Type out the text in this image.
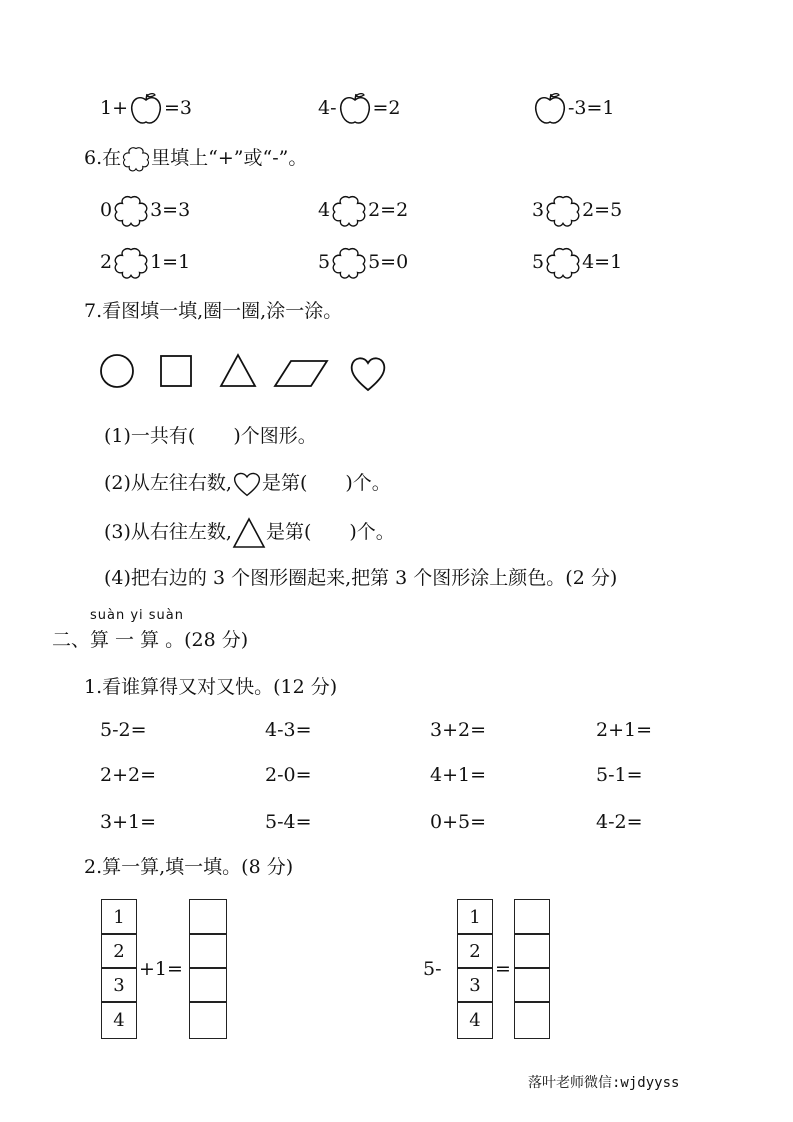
1+ =3	4- =2	-3=1
6.在 里填上“+”或“-”。
0 3=3	4 2=2	3 2=5
2 1=1	5 5=0	5 4=1
7.看图填一填,圈一圈,涂一涂。
(1)一共有(　　)个图形。
(2)从左往右数, 是第(　　)个。
(3)从右往左数, 是第(　　)个。
(4)把右边的 3 个图形圈起来,把第 3 个图形涂上颜色。(2 分)
suàn yi suàn
二、算 一 算 。(28 分)
1.看谁算得又对又快。(12 分)
5-2=	4-3=	3+2=	2+1=
2+2=	2-0=	4+1=	5-1=
3+1=	5-4=	0+5=	4-2=
2.算一算,填一填。(8 分)
1
2
3
4
+1=	5-
1
2
3
4
=
落叶老师微信:wjdyyss
